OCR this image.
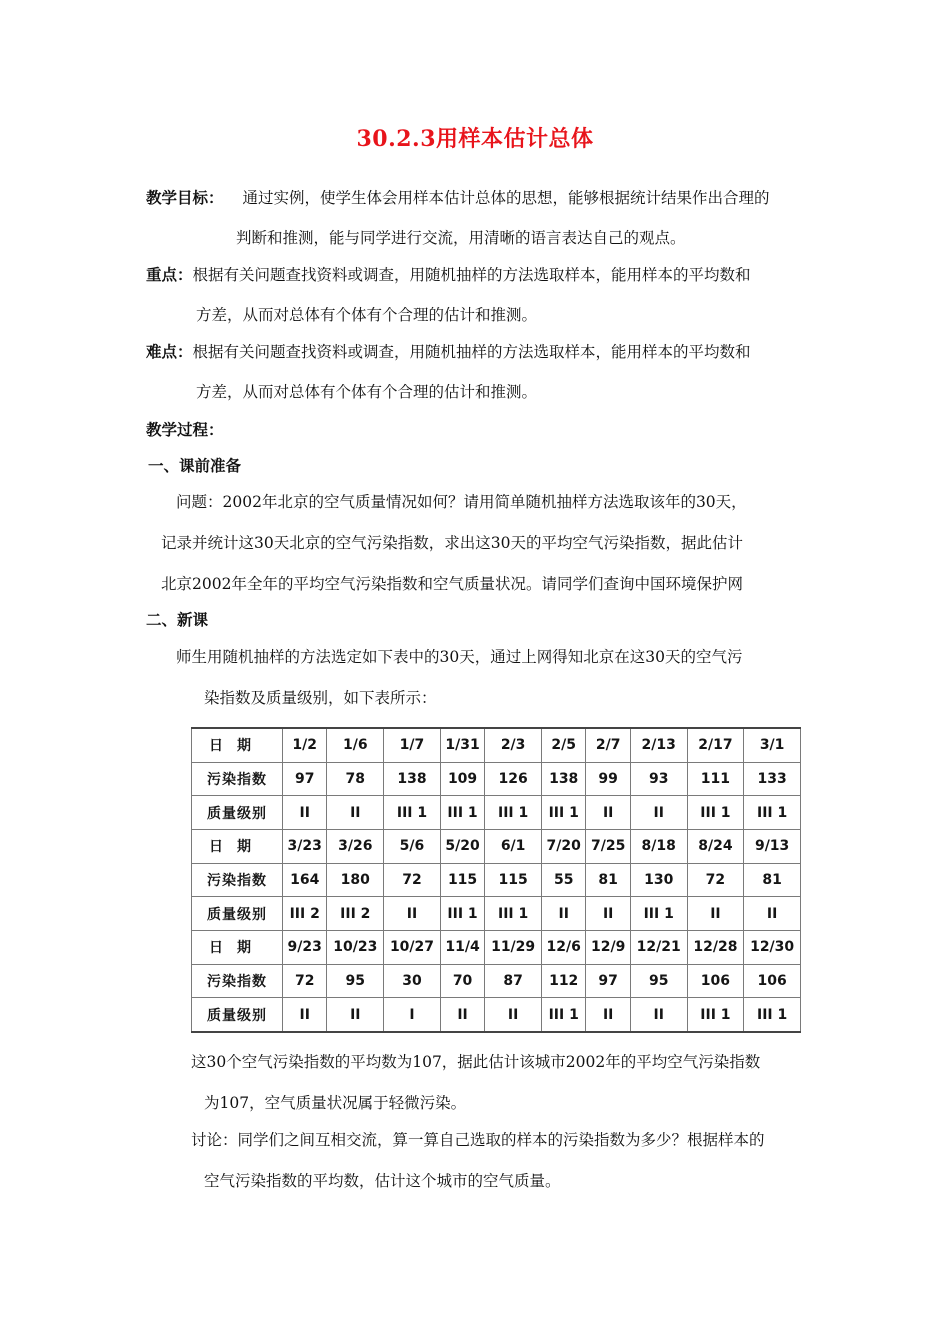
30.2.3用样本估计总体
教学目标： 通过实例，使学生体会用样本估计总体的思想，能够根据统计结果作出合理的
判断和推测，能与同学进行交流，用清晰的语言表达自己的观点。
重点：根据有关问题查找资料或调查，用随机抽样的方法选取样本，能用样本的平均数和
方差，从而对总体有个体有个合理的估计和推测。
难点：根据有关问题查找资料或调查，用随机抽样的方法选取样本，能用样本的平均数和
方差，从而对总体有个体有个合理的估计和推测。
教学过程：
一、课前准备
问题：2002年北京的空气质量情况如何？请用简单随机抽样方法选取该年的30天，
记录并统计这30天北京的空气污染指数，求出这30天的平均空气污染指数，据此估计
北京2002年全年的平均空气污染指数和空气质量状况。请同学们查询中国环境保护网
二、新课
师生用随机抽样的方法选定如下表中的30天，通过上网得知北京在这30天的空气污
染指数及质量级别，如下表所示：
日期	1/2	1/6	1/7	1/31	2/3	2/5	2/7	2/13	2/17	3/1
污染指数	97	78	138	109	126	138	99	93	111	133
质量级别	II	II	III 1	III 1	III 1	III 1	II	II	III 1	III 1
日期	3/23	3/26	5/6	5/20	6/1	7/20	7/25	8/18	8/24	9/13
污染指数	164	180	72	115	115	55	81	130	72	81
质量级别	III 2	III 2	II	III 1	III 1	II	II	III 1	II	II
日期	9/23	10/23	10/27	11/4	11/29	12/6	12/9	12/21	12/28	12/30
污染指数	72	95	30	70	87	112	97	95	106	106
质量级别	II	II	I	II	II	III 1	II	II	III 1	III 1
这30个空气污染指数的平均数为107，据此估计该城市2002年的平均空气污染指数
为107，空气质量状况属于轻微污染。
讨论：同学们之间互相交流，算一算自己选取的样本的污染指数为多少？根据样本的
空气污染指数的平均数，估计这个城市的空气质量。
